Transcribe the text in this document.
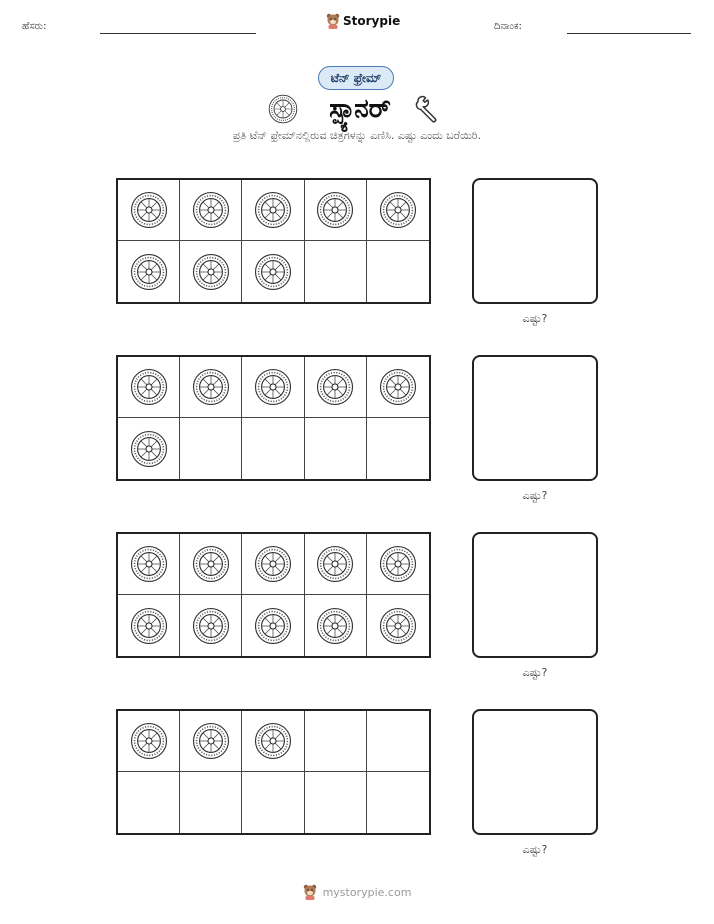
ಹೆಸರು:	Storypie	ದಿನಾಂಕ:
ಟೆನ್ ಫ್ರೇಮ್
ಸ್ಪ್ಯಾನರ್
ಪ್ರತಿ ಟೆನ್ ಫ್ರೇಮ್‌ನಲ್ಲಿರುವ ಚಿತ್ರಗಳನ್ನು ಎಣಿಸಿ. ಎಷ್ಟು ಎಂದು ಬರೆಯಿರಿ.
ಎಷ್ಟು?
ಎಷ್ಟು?
ಎಷ್ಟು?
ಎಷ್ಟು?
mystorypie.com
